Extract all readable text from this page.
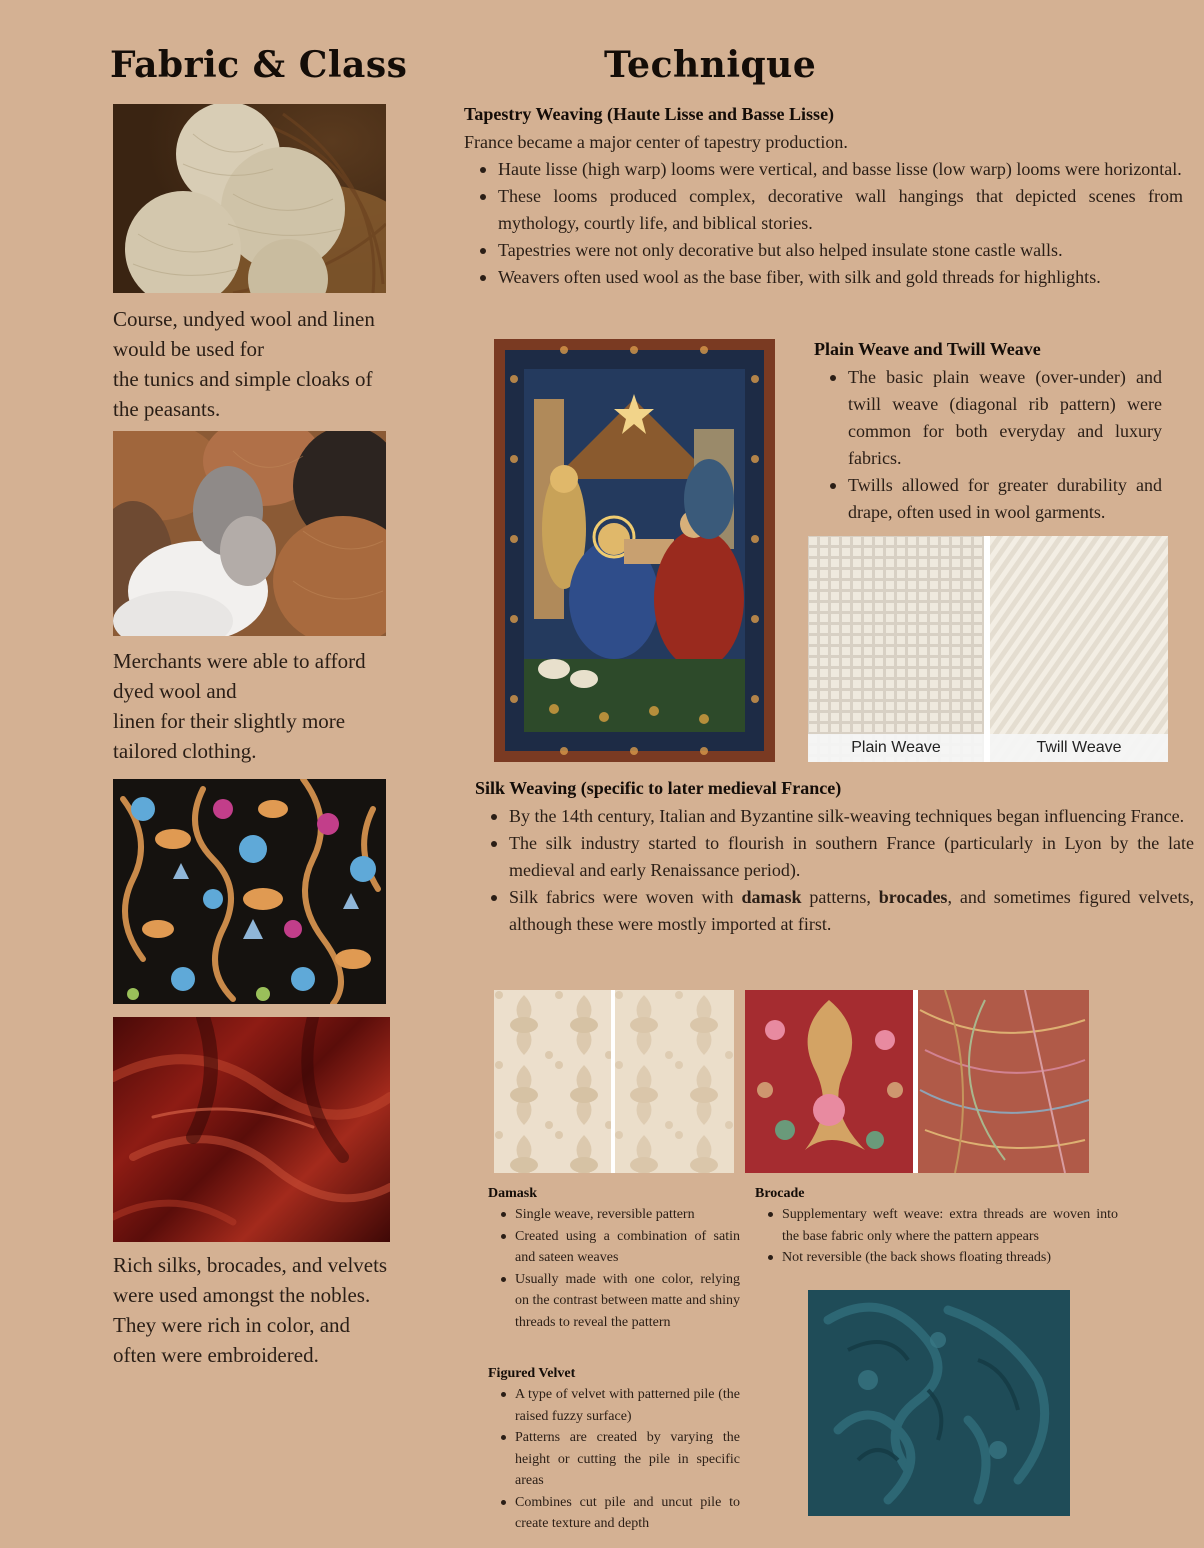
Fabric & Class	Technique
Course, undyed wool and linen
would be used for
the tunics and simple cloaks of
the peasants.
Merchants were able to afford
dyed wool and
linen for their slightly more
tailored clothing.
Rich silks, brocades, and velvets
were used amongst the nobles.
They were rich in color, and
often were embroidered.
Tapestry Weaving (Haute Lisse and Basse Lisse)
France became a major center of tapestry production.
Haute lisse (high warp) looms were vertical, and basse lisse (low warp) looms were horizontal.
These looms produced complex, decorative wall hangings that depicted scenes from mythology, courtly life, and biblical stories.
Tapestries were not only decorative but also helped insulate stone castle walls.
Weavers often used wool as the base fiber, with silk and gold threads for highlights.
Plain Weave and Twill Weave
The basic plain weave (over-under) and twill weave (diagonal rib pattern) were common for both everyday and luxury fabrics.
Twills allowed for greater durability and drape, often used in wool garments.
Plain Weave	Twill Weave
Silk Weaving (specific to later medieval France)
By the 14th century, Italian and Byzantine silk-weaving techniques began influencing France.
The silk industry started to flourish in southern France (particularly in Lyon by the late medieval and early Renaissance period).
Silk fabrics were woven with damask patterns, brocades, and sometimes figured velvets, although these were mostly imported at first.
Damask
Single weave, reversible pattern
Created using a combination of satin and sateen weaves
Usually made with one color, relying on the contrast between matte and shiny threads to reveal the pattern
Brocade
Supplementary weft weave: extra threads are woven into the base fabric only where the pattern appears
Not reversible (the back shows floating threads)
Figured Velvet
A type of velvet with patterned pile (the raised fuzzy surface)
Patterns are created by varying the height or cutting the pile in specific areas
Combines cut pile and uncut pile to create texture and depth
